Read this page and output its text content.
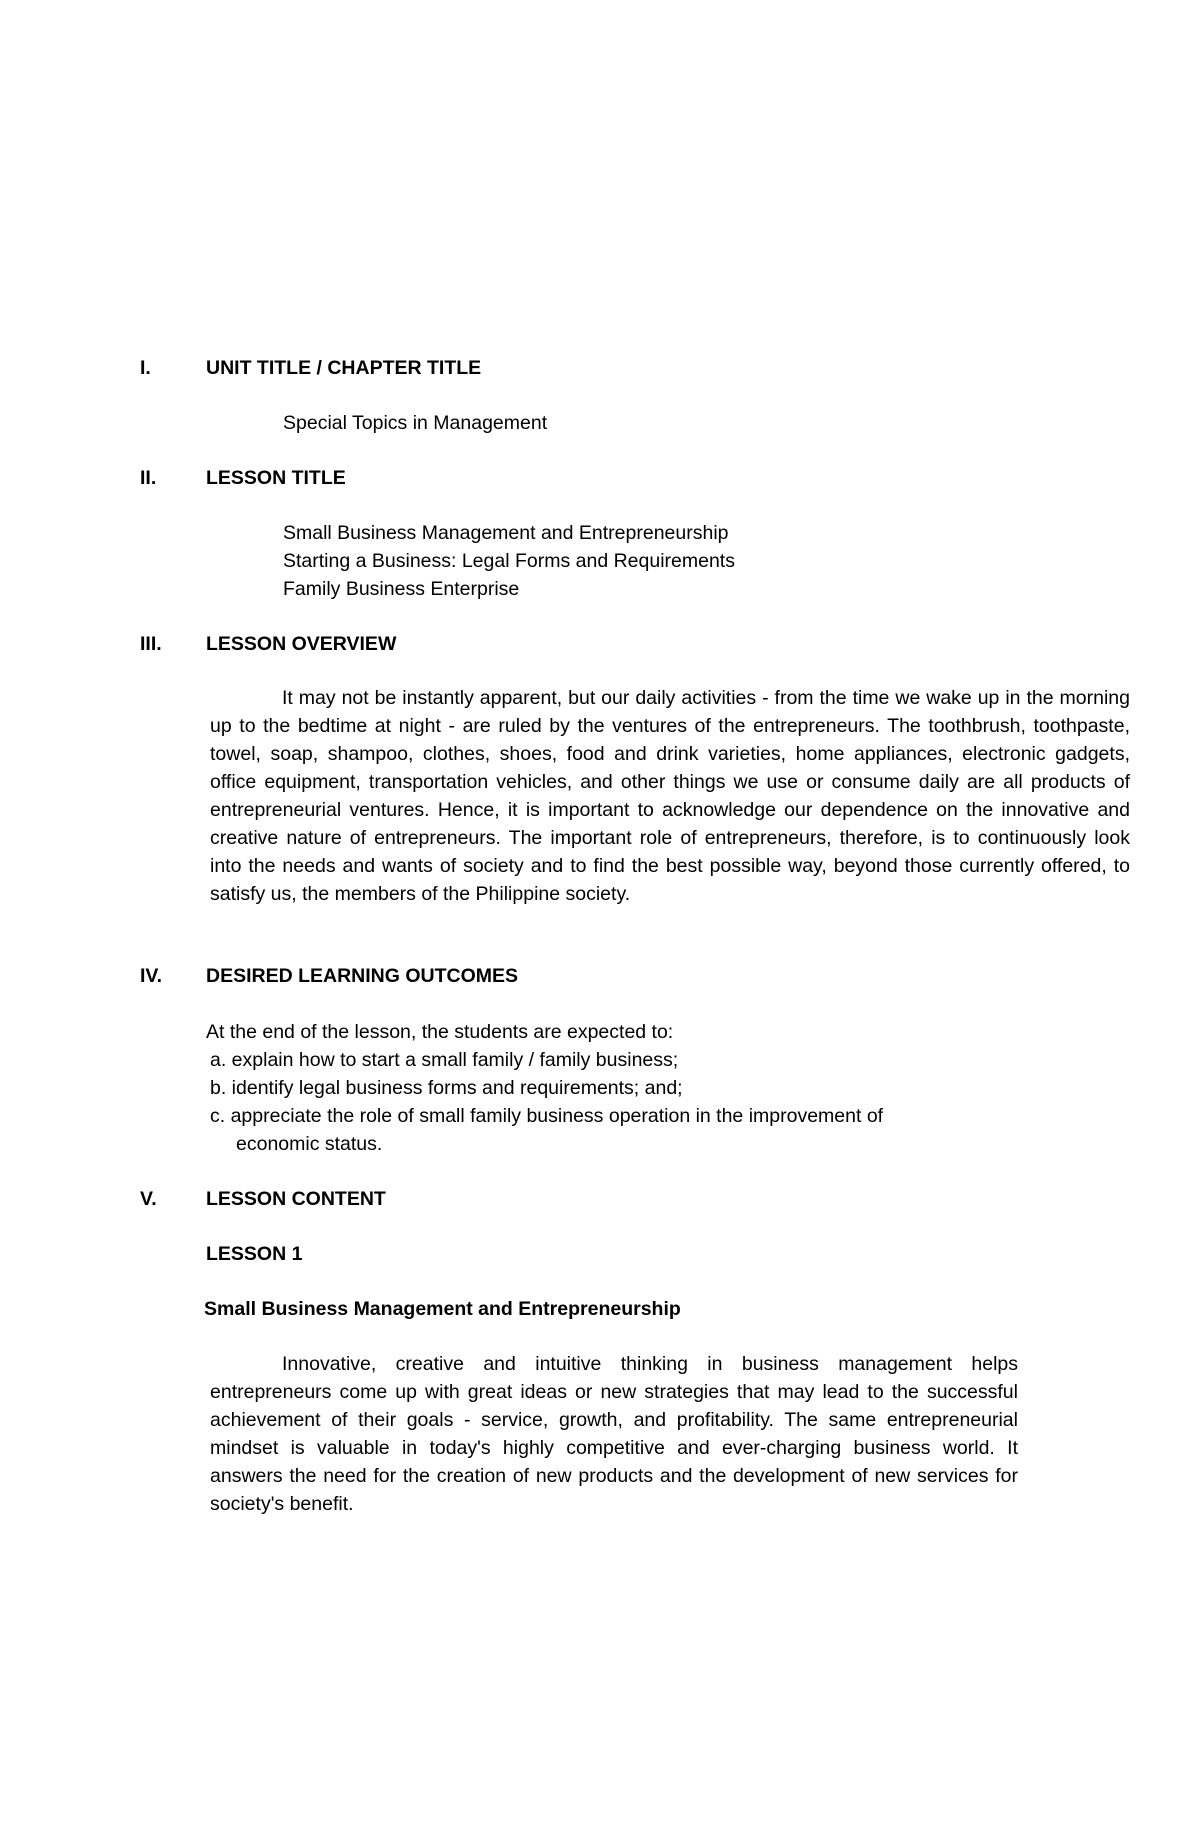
I.	UNIT TITLE / CHAPTER TITLE
Special Topics in Management
II.	LESSON TITLE
Small Business Management and Entrepreneurship
Starting a Business: Legal Forms and Requirements
Family Business Enterprise
III. LESSON OVERVIEW

It may not be instantly apparent, but our daily activities - from the time we wake up in the morning up to the bedtime at night - are ruled by the ventures of the entrepreneurs. The toothbrush, toothpaste, towel, soap, shampoo, clothes, shoes, food and drink varieties, home appliances, electronic gadgets, office equipment, transportation vehicles, and other things we use or consume daily are all products of entrepreneurial ventures. Hence, it is important to acknowledge our dependence on the innovative and creative nature of entrepreneurs. The important role of entrepreneurs, therefore, is to continuously look into the needs and wants of society and to find the best possible way, beyond those currently offered, to satisfy us, the members of the Philippine society.

IV. DESIRED LEARNING OUTCOMES
At the end of the lesson, the students are expected to:
a. explain how to start a small family / family business;
b. identify legal business forms and requirements; and;
c. appreciate the role of small family business operation in the improvement of
economic status.
V.	LESSON CONTENT
LESSON 1
Small Business Management and Entrepreneurship

Innovative, creative and intuitive thinking in business management helps entrepreneurs come up with great ideas or new strategies that may lead to the successful achievement of their goals - service, growth, and profitability. The same entrepreneurial mindset is valuable in today's highly competitive and ever-charging business world. It answers the need for the creation of new products and the development of new services for society's benefit.
